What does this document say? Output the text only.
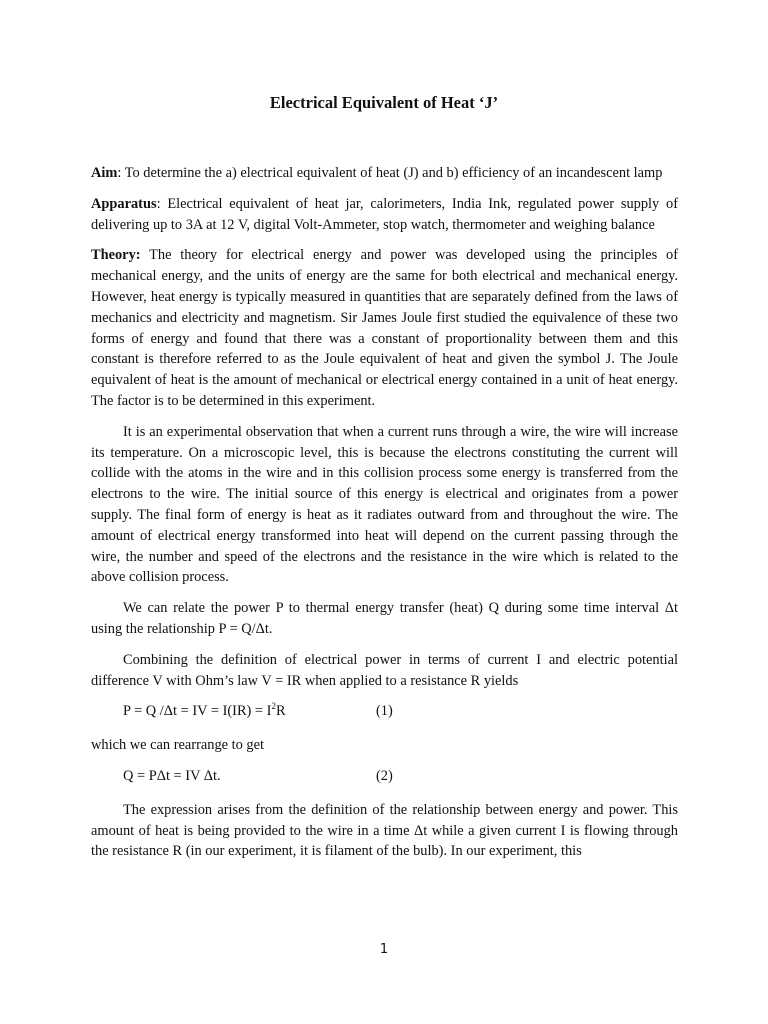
Electrical Equivalent of Heat ‘J’

Aim: To determine the a) electrical equivalent of heat (J) and b) efficiency of an incandescent lamp

Apparatus: Electrical equivalent of heat jar, calorimeters, India Ink, regulated power supply of delivering up to 3A at 12 V, digital Volt-Ammeter, stop watch, thermometer and weighing balance

Theory: The theory for electrical energy and power was developed using the principles of mechanical energy, and the units of energy are the same for both electrical and mechanical energy. However, heat energy is typically measured in quantities that are separately defined from the laws of mechanics and electricity and magnetism. Sir James Joule first studied the equivalence of these two forms of energy and found that there was a constant of proportionality between them and this constant is therefore referred to as the Joule equivalent of heat and given the symbol J. The Joule equivalent of heat is the amount of mechanical or electrical energy contained in a unit of heat energy. The factor is to be determined in this experiment.

It is an experimental observation that when a current runs through a wire, the wire will increase its temperature. On a microscopic level, this is because the electrons constituting the current will collide with the atoms in the wire and in this collision process some energy is transferred from the electrons to the wire. The initial source of this energy is electrical and originates from a power supply. The final form of energy is heat as it radiates outward from and throughout the wire. The amount of electrical energy transformed into heat will depend on the current passing through the wire, the number and speed of the electrons and the resistance in the wire which is related to the above collision process.

We can relate the power P to thermal energy transfer (heat) Q during some time interval Δt using the relationship P = Q/Δt.

Combining the definition of electrical power in terms of current I and electric potential difference V with Ohm’s law V = IR when applied to a resistance R yields

P = Q /Δt = IV = $I(IR) = I^2R$	(1)

which we can rearrange to get

Q = PΔt = IV Δt.	(2)

The expression arises from the definition of the relationship between energy and power. This amount of heat is being provided to the wire in a time Δt while a given current I is flowing through the resistance R (in our experiment, it is filament of the bulb). In our experiment, this

1
